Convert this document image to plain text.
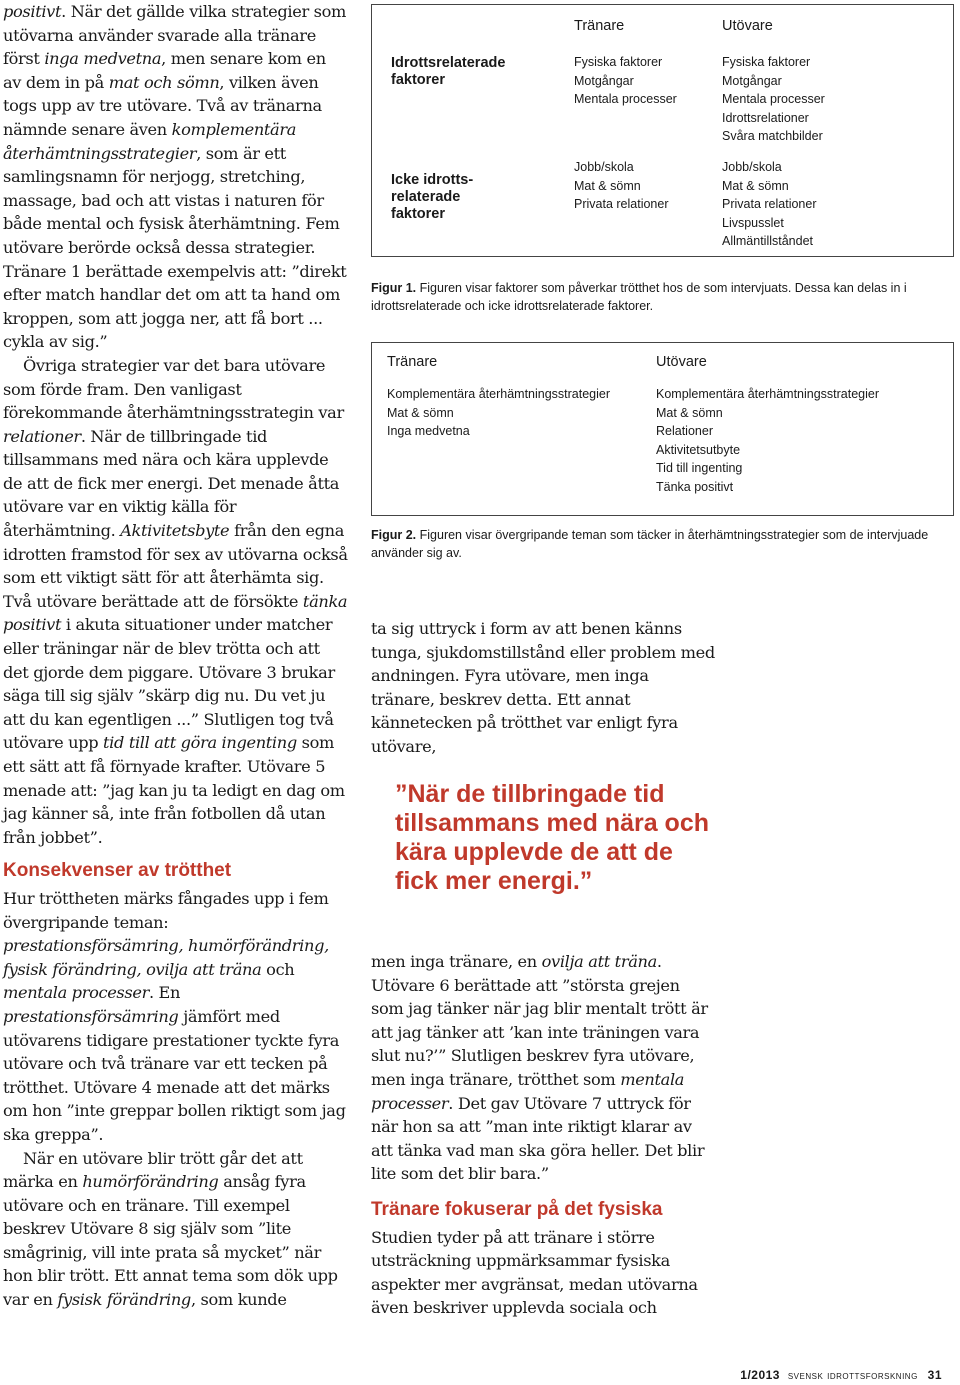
positivt. När det gällde vilka strategier som utövarna använder svarade alla tränare först inga medvetna, men senare kom en av dem in på mat och sömn, vilken även togs upp av tre utövare. Två av tränarna nämnde senare även komplementära återhämtningsstrategier, som är ett samlingsnamn för nerjogg, stretching, massage, bad och att vistas i naturen för både mental och fysisk återhämtning. Fem utövare berörde också dessa strategier. Tränare 1 berättade exempelvis att: ”direkt efter match handlar det om att ta hand om kroppen, som att jogga ner, att få bort ... cykla av sig.”

Övriga strategier var det bara utövare som förde fram. Den vanligast förekommande återhämtningsstrategin var relationer. När de tillbringade tid tillsammans med nära och kära upplevde de att de fick mer energi. Det menade åtta utövare var en viktig källa för återhämtning. Aktivitetsbyte från den egna idrotten framstod för sex av utövarna också som ett viktigt sätt för att återhämta sig. Två utövare berättade att de försökte tänka positivt i akuta situationer under matcher eller träningar när de blev trötta och att det gjorde dem piggare. Utövare 3 brukar säga till sig själv ”skärp dig nu. Du vet ju att du kan egentligen ...” Slutligen tog två utövare upp tid till att göra ingenting som ett sätt att få förnyade krafter. Utövare 5 menade att: ”jag kan ju ta ledigt en dag om jag känner så, inte från fotbollen då utan från jobbet”.

Konsekvenser av trötthet

Hur tröttheten märks fångades upp i fem övergripande teman: prestationsförsämring, humörförändring, fysisk förändring, ovilja att träna och mentala processer. En prestationsförsämring jämfört med utövarens tidigare prestationer tyckte fyra utövare och två tränare var ett tecken på trötthet. Utövare 4 menade att det märks om hon ”inte greppar bollen riktigt som jag ska greppa”.

När en utövare blir trött går det att märka en humörförändring ansåg fyra utövare och en tränare. Till exempel beskrev Utövare 8 sig själv som ”lite smågrinig, vill inte prata så mycket” när hon blir trött. Ett annat tema som dök upp var en fysisk förändring, som kunde

Tränare	Utövare
Idrottsrelaterade faktorer
Fysiska faktorer
Motgångar
Mentala processer
Fysiska faktorer
Motgångar
Mentala processer
Idrottsrelationer
Svåra matchbilder
Icke idrotts-relaterade faktorer
Jobb/skola
Mat & sömn
Privata relationer
Jobb/skola
Mat & sömn
Privata relationer
Livspusslet
Allmäntillståndet
Figur 1. Figuren visar faktorer som påverkar trötthet hos de som intervjuats. Dessa kan delas in i idrottsrelaterade och icke idrottsrelaterade faktorer.
Tränare	Utövare
Komplementära återhämtningsstrategier
Mat & sömn
Inga medvetna
Komplementära återhämtningsstrategier
Mat & sömn
Relationer
Aktivitetsutbyte
Tid till ingenting
Tänka positivt
Figur 2. Figuren visar övergripande teman som täcker in återhämtningsstrategier som de intervjuade använder sig av.

ta sig uttryck i form av att benen känns tunga, sjukdomstillstånd eller problem med andningen. Fyra utövare, men inga tränare, beskrev detta. Ett annat kännetecken på trötthet var enligt fyra utövare,

”När de tillbringade tid tillsammans med nära och kära upplevde de att de fick mer energi.”

men inga tränare, en ovilja att träna. Utövare 6 berättade att ”största grejen som jag tänker när jag blir mentalt trött är att jag tänker att ’kan inte träningen vara slut nu?’” Slutligen beskrev fyra utövare, men inga tränare, trötthet som mentala processer. Det gav Utövare 7 uttryck för när hon sa att ”man inte riktigt klarar av att tänka vad man ska göra heller. Det blir lite som det blir bara.”

Tränare fokuserar på det fysiska

Studien tyder på att tränare i större utsträckning uppmärksammar fysiska aspekter mer avgränsat, medan utövarna även beskriver upplevda sociala och

1/2013 svensk idrottsforskning 31
